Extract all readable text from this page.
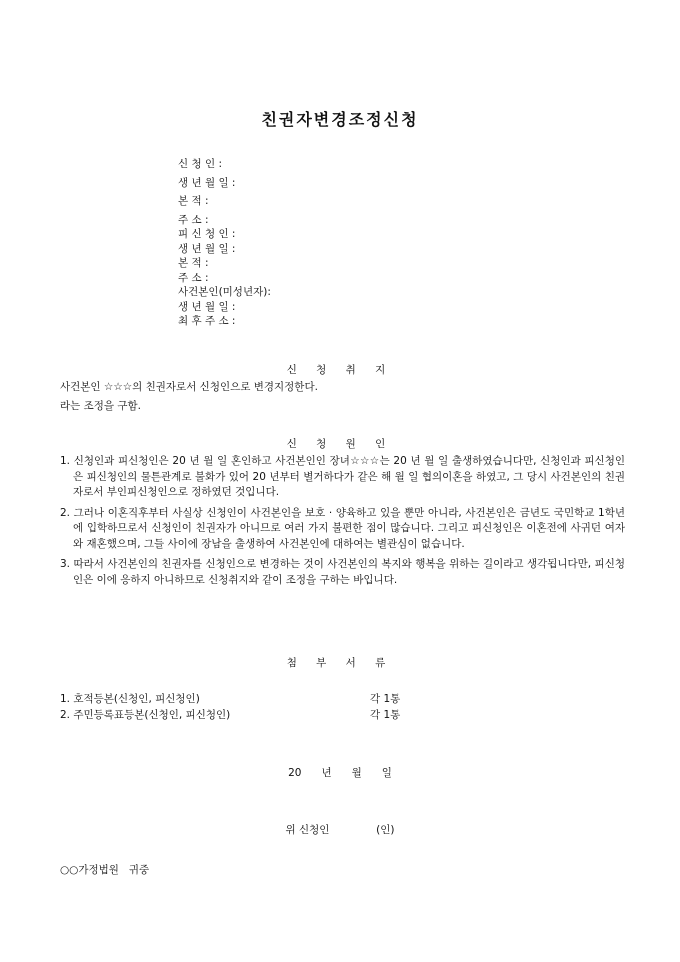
친권자변경조정신청
신 청 인 :
생 년 월 일 :
본 적 :
주 소 :
피 신 청 인 :
생 년 월 일 :
본 적 :
주 소 :
사건본인(미성년자):
생 년 월 일 :
최 후 주 소 :
신 청 취 지
사건본인 ☆☆☆의 친권자로서 신청인으로 변경지정한다.
라는 조정을 구함.
신 청 원 인
1. 신청인과 피신청인은 20 년 월 일 혼인하고 사건본인인 장녀☆☆☆는 20 년 월 일 출생하였습니다만, 신청인과 피신청인은 피신청인의 물튼관계로 불화가 있어 20 년부터 별거하다가 같은 해 월 일 협의이혼을 하였고, 그 당시 사건본인의 친권자로서 부인피신청인으로 정하였던 것입니다.
2. 그러나 이혼직후부터 사실상 신청인이 사건본인을 보호 · 양육하고 있을 뿐만 아니라, 사건본인은 금년도 국민학교 1학년에 입학하므로서 신청인이 친권자가 아니므로 여러 가지 불편한 점이 많습니다. 그리고 피신청인은 이혼전에 사귀던 여자와 재혼했으며, 그들 사이에 장남을 출생하여 사건본인에 대하여는 별관심이 없습니다.
3. 따라서 사건본인의 친권자를 신청인으로 변경하는 것이 사건본인의 복지와 행복을 위하는 길이라고 생각됩니다만, 피신청인은 이에 응하지 아니하므로 신청취지와 같이 조정을 구하는 바입니다.
첨 부 서 류
1. 호적등본(신청인, 피신청인)	각 1통
2. 주민등록표등본(신청인, 피신청인)	각 1통
20      년      월      일
위 신청인              (인)
○○가정법원   귀중
